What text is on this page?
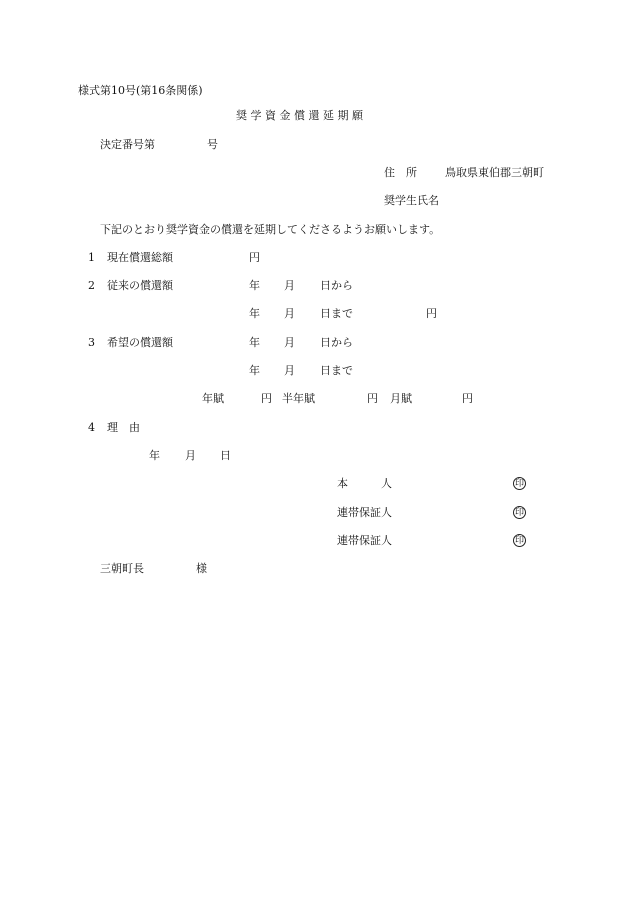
様式第10号(第16条関係)
奨 学 資 金 償 還 延 期 願
決定番号第	号
住　所	鳥取県東伯郡三朝町
奨学生氏名
下記のとおり奨学資金の償還を延期してくださるようお願いします。
1 現在償還総額	円
2 従来の償還額	年 月 日から
年 月 日まで	円
3 希望の償還額	年 月 日から
年 月 日まで
年賦	円 半年賦	円 月賦	円
4 理　由
年 月 日
本　　　人	印
連帯保証人	印
連帯保証人	印
三朝町長	様
